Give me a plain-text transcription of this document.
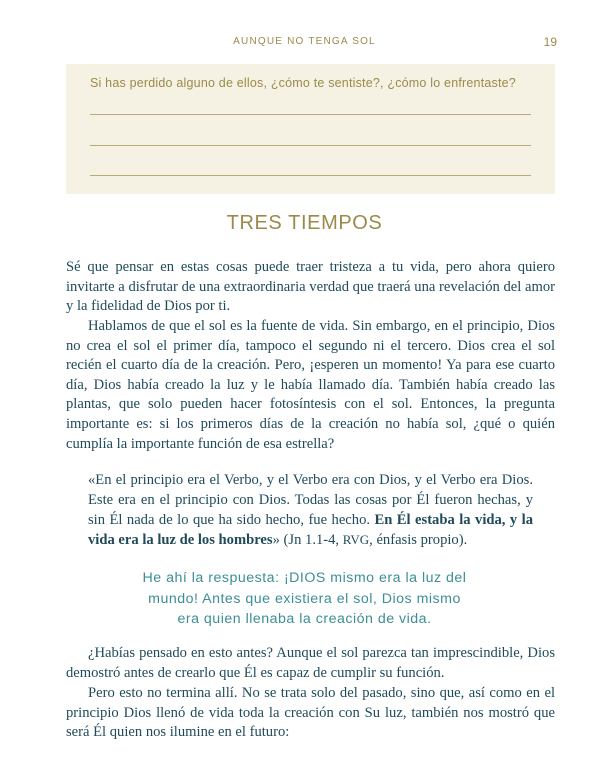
AUNQUE NO TENGA SOL	19

Si has perdido alguno de ellos, ¿cómo te sentiste?, ¿cómo lo enfrentaste?

TRES TIEMPOS

Sé que pensar en estas cosas puede traer tristeza a tu vida, pero ahora quiero invitarte a disfrutar de una extraordinaria verdad que traerá una revelación del amor y la fidelidad de Dios por ti.

Hablamos de que el sol es la fuente de vida. Sin embargo, en el principio, Dios no crea el sol el primer día, tampoco el segundo ni el tercero. Dios crea el sol recién el cuarto día de la creación. Pero, ¡esperen un momento! Ya para ese cuarto día, Dios había creado la luz y le había llamado día. También había creado las plantas, que solo pueden hacer fotosíntesis con el sol. Entonces, la pregunta importante es: si los primeros días de la creación no había sol, ¿qué o quién cumplía la importante función de esa estrella?

«En el principio era el Verbo, y el Verbo era con Dios, y el Verbo era Dios. Este era en el principio con Dios. Todas las cosas por Él fueron hechas, y sin Él nada de lo que ha sido hecho, fue hecho. En Él estaba la vida, y la vida era la luz de los hombres» (Jn 1.1-4, RVG, énfasis propio).

He ahí la respuesta: ¡DIOS mismo era la luz del
mundo! Antes que existiera el sol, Dios mismo
era quien llenaba la creación de vida.

¿Habías pensado en esto antes? Aunque el sol parezca tan imprescindible, Dios demostró antes de crearlo que Él es capaz de cumplir su función.

Pero esto no termina allí. No se trata solo del pasado, sino que, así como en el principio Dios llenó de vida toda la creación con Su luz, también nos mostró que será Él quien nos ilumine en el futuro:
